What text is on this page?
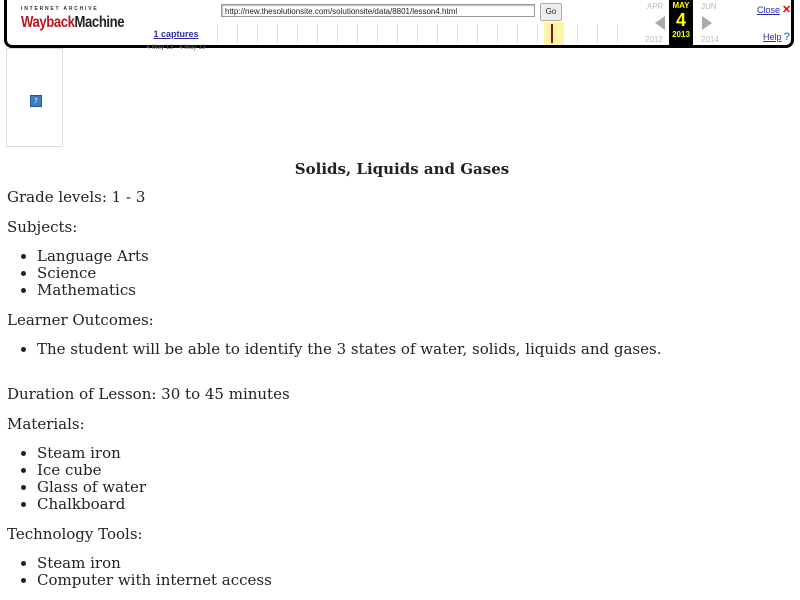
INTERNET ARCHIVE
WaybackMachine
1 captures
4 May 13 - 4 May 13
http://new.thesolutionsite.com/solutionsite/data/8801/lesson4.html	Go
APR	JUN
MAY
4
2013
2012	2014
Close ✕
Help ?
?

Solids, Liquids and Gases

Grade levels: 1 - 3

Subjects:

• Language Arts
• Science
• Mathematics

Learner Outcomes:

• The student will be able to identify the 3 states of water, solids, liquids and gases.

Duration of Lesson: 30 to 45 minutes

Materials:

• Steam iron
• Ice cube
• Glass of water
• Chalkboard

Technology Tools:

• Steam iron
• Computer with internet access
